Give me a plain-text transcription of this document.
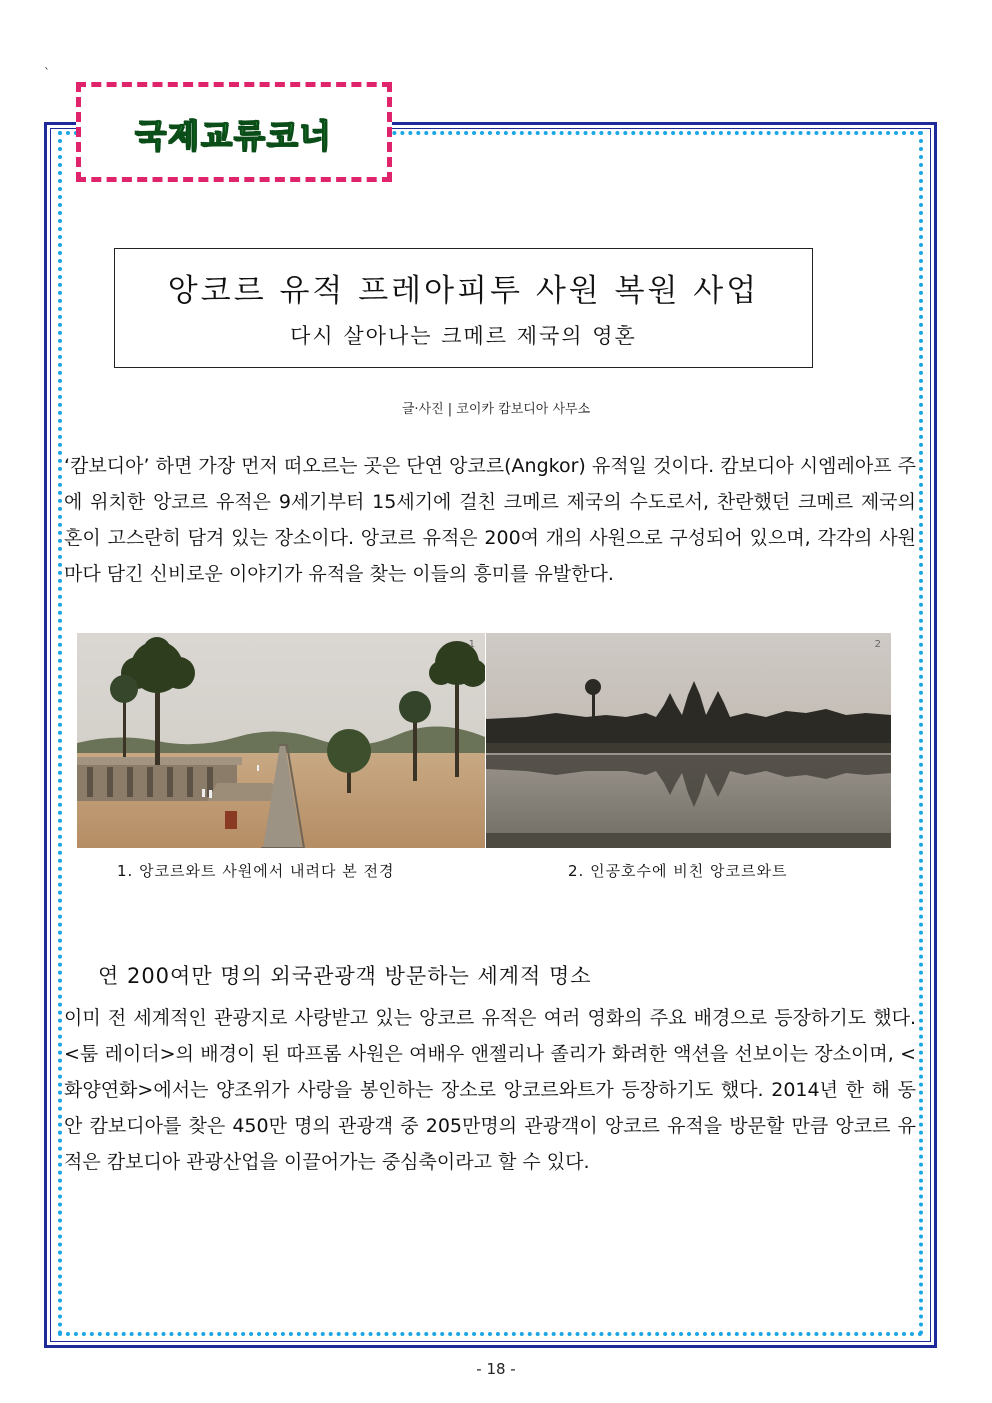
`
국제교류코너
앙코르 유적 프레아피투 사원 복원 사업
다시 살아나는 크메르 제국의 영혼
글·사진 | 코이카 캄보디아 사무소
‘캄보디아’ 하면 가장 먼저 떠오르는 곳은 단연 앙코르(Angkor) 유적일 것이다. 캄보디아 시엠레아프 주에 위치한 앙코르 유적은 9세기부터 15세기에 걸친 크메르 제국의 수도로서, 찬란했던 크메르 제국의 혼이 고스란히 담겨 있는 장소이다. 앙코르 유적은 200여 개의 사원으로 구성되어 있으며, 각각의 사원마다 담긴 신비로운 이야기가 유적을 찾는 이들의 흥미를 유발한다.
1	2
1. 앙코르와트 사원에서 내려다 본 전경	2. 인공호수에 비친 앙코르와트
연 200여만 명의 외국관광객 방문하는 세계적 명소
이미 전 세계적인 관광지로 사랑받고 있는 앙코르 유적은 여러 영화의 주요 배경으로 등장하기도 했다. <툼 레이더>의 배경이 된 따프롬 사원은 여배우 앤젤리나 졸리가 화려한 액션을 선보이는 장소이며, <화양연화>에서는 양조위가 사랑을 봉인하는 장소로 앙코르와트가 등장하기도 했다. 2014년 한 해 동안 캄보디아를 찾은 450만 명의 관광객 중 205만명의 관광객이 앙코르 유적을 방문할 만큼 앙코르 유적은 캄보디아 관광산업을 이끌어가는 중심축이라고 할 수 있다.
- 18 -
